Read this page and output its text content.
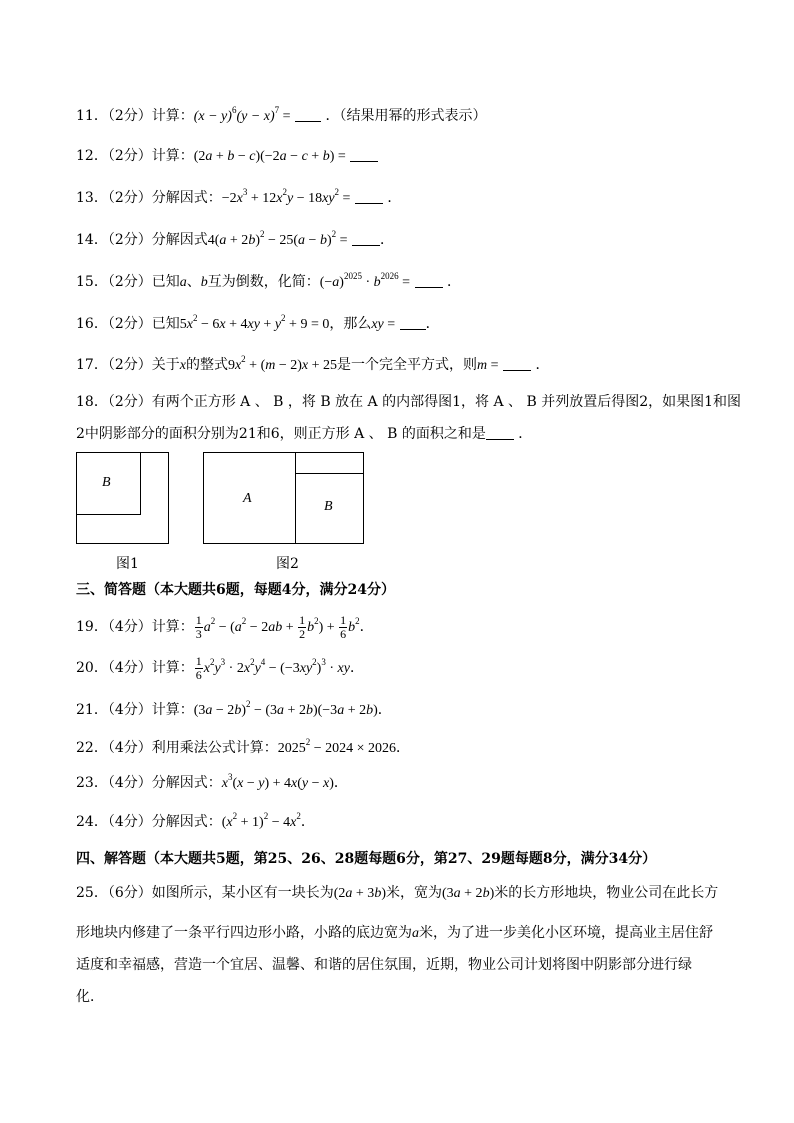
11．（2分）计算：$(x - y)^6(y - x)^7$ = ．（结果用幂的形式表示）
12．（2分）计算：(2a + b − c)(−2a − c + b) =
13．（2分）分解因式：$-2x^3 + 12x^2y - 18xy^2$ =	．
14．（2分）分解因式$4(a + 2b)^2 - 25(a - b)^2$ = ．
15．（2分）已知a、b互为倒数，化简：$(-a)^{2025} \cdot b^{2026}$ =	．
16．（2分）已知$5x^2 - 6x + 4xy + y^2 + 9 = 0$，那么xy = ．
17．（2分）关于x的整式$9x^2 + (m - 2)x + 25$是一个完全平方式，则m =	．
18．（2分）有两个正方形 A 、 B ，将 B 放在 A 的内部得图1，将 A 、 B 并列放置后得图2，如果图1和图
2中阴影部分的面积分别为21和6，则正方形 A 、 B 的面积之和是 ．
B
图1
A
B
图2
三、简答题（本大题共6题，每题4分，满分24分）
19．（4分）计算： $\frac{1}{3} a^2 - (a^2 - 2ab + \frac{1}{2} b^2) + \frac{1}{6} b^2$．
20．（4分）计算： $\frac{1}{6} x^2y^3 \cdot 2x^2y^4 - (-3xy^2)^3$ · xy．
21．（4分）计算：$(3a - 2b)^2 - (3a + 2b)(-3a + 2b)$．
22．（4分）利用乘法公式计算：$2025^2 - 2024 \times 2026$．
23．（4分）分解因式：$x^3(x - y) + 4x(y - x)$．
24．（4分）分解因式：$(x^2 + 1)^2 - 4x^2$．
四、解答题（本大题共5题，第25、26、28题每题6分，第27、29题每题8分，满分34分）
25．（6分）如图所示，某小区有一块长为(2a + 3b)米，宽为(3a + 2b)米的长方形地块，物业公司在此长方
形地块内修建了一条平行四边形小路，小路的底边宽为a米，为了进一步美化小区环境，提高业主居住舒
适度和幸福感，营造一个宜居、温馨、和谐的居住氛围，近期，物业公司计划将图中阴影部分进行绿
化．
